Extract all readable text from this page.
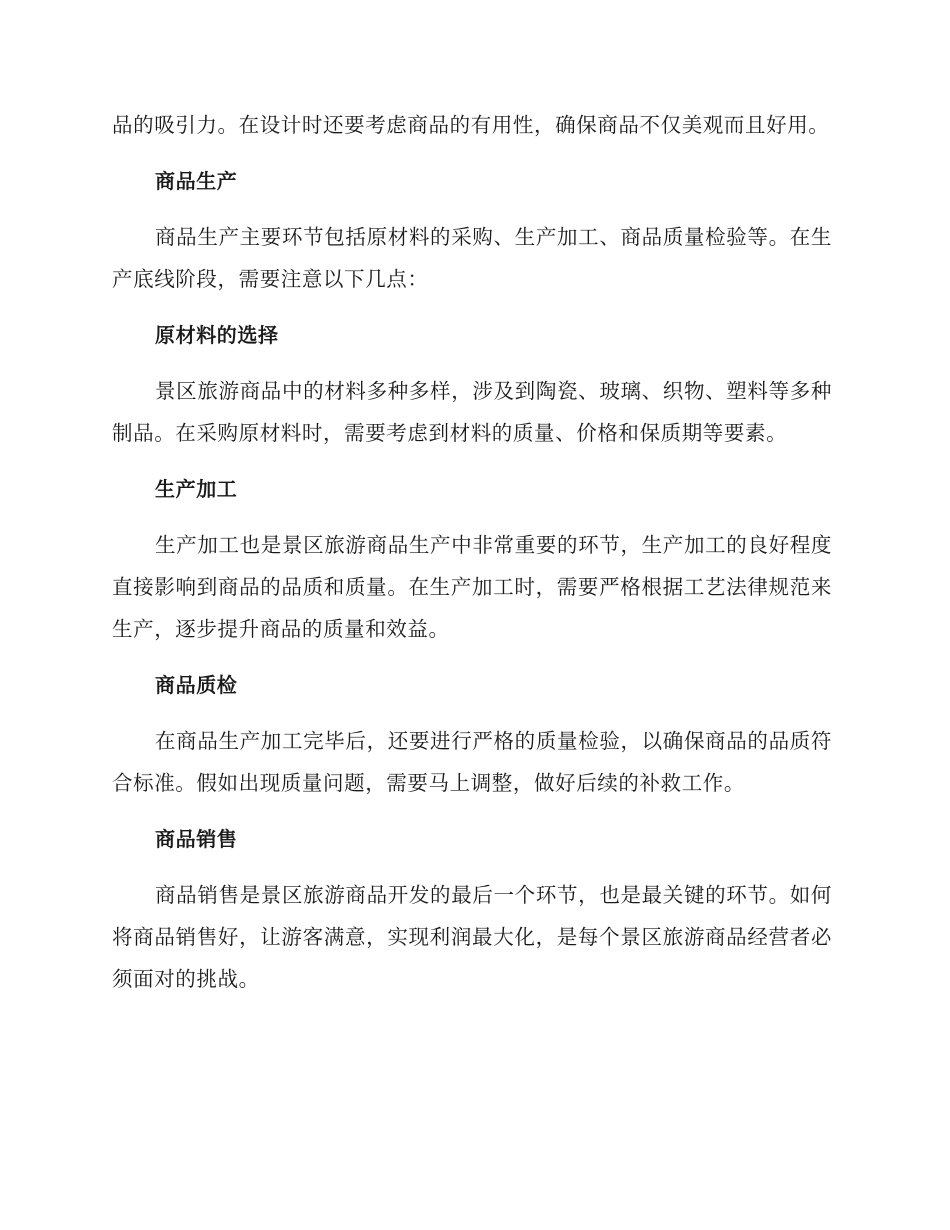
品的吸引力。在设计时还要考虑商品的有用性，确保商品不仅美观而且好用。

商品生产

商品生产主要环节包括原材料的采购、生产加工、商品质量检验等。在生产底线阶段，需要注意以下几点：

原材料的选择

景区旅游商品中的材料多种多样，涉及到陶瓷、玻璃、织物、塑料等多种制品。在采购原材料时，需要考虑到材料的质量、价格和保质期等要素。

生产加工

生产加工也是景区旅游商品生产中非常重要的环节，生产加工的良好程度直接影响到商品的品质和质量。在生产加工时，需要严格根据工艺法律规范来生产，逐步提升商品的质量和效益。

商品质检

在商品生产加工完毕后，还要进行严格的质量检验，以确保商品的品质符合标准。假如出现质量问题，需要马上调整，做好后续的补救工作。

商品销售

商品销售是景区旅游商品开发的最后一个环节，也是最关键的环节。如何将商品销售好，让游客满意，实现利润最大化，是每个景区旅游商品经营者必须面对的挑战。
